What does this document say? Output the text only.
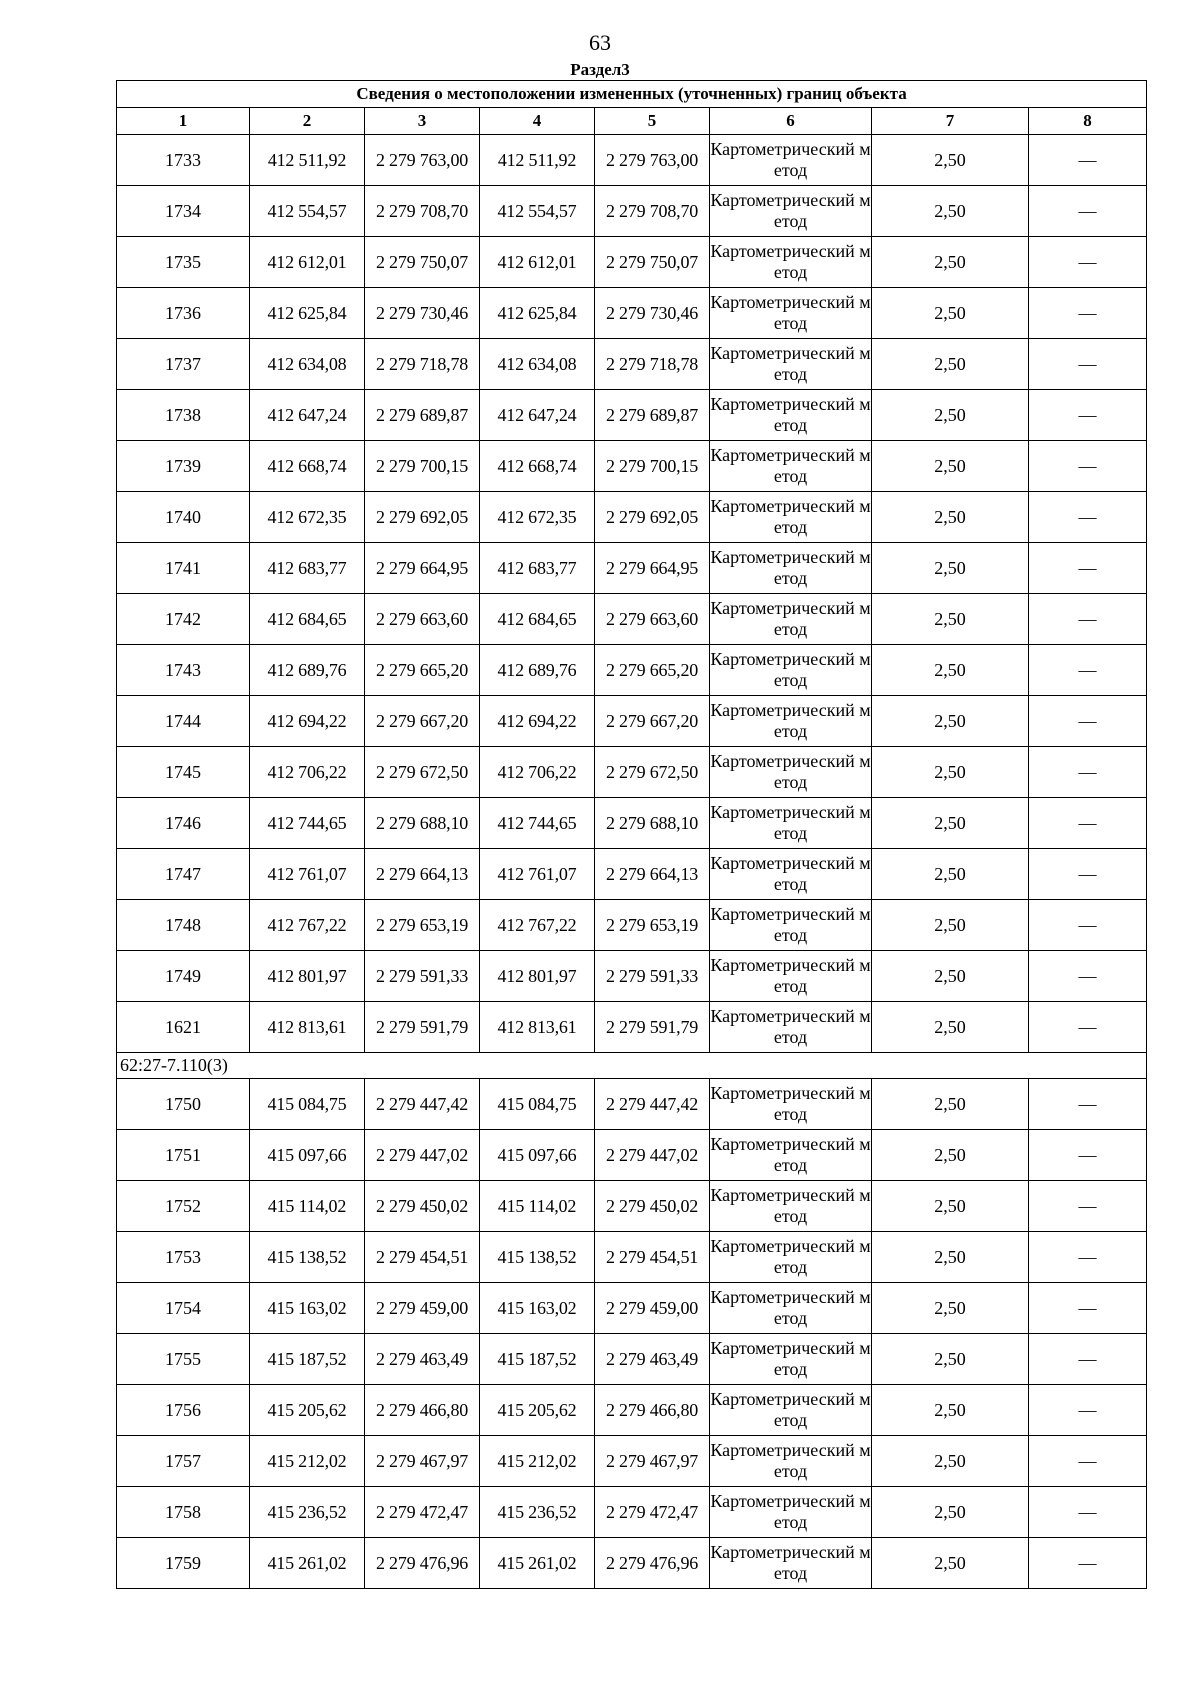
63
Раздел3
Сведения о местоположении измененных (уточненных) границ объекта							
1	2	3	4	5	6	7	8
1733	412 511,92	2 279 763,00	412 511,92	2 279 763,00	Картометрический метод	2,50	—
1734	412 554,57	2 279 708,70	412 554,57	2 279 708,70	Картометрический метод	2,50	—
1735	412 612,01	2 279 750,07	412 612,01	2 279 750,07	Картометрический метод	2,50	—
1736	412 625,84	2 279 730,46	412 625,84	2 279 730,46	Картометрический метод	2,50	—
1737	412 634,08	2 279 718,78	412 634,08	2 279 718,78	Картометрический метод	2,50	—
1738	412 647,24	2 279 689,87	412 647,24	2 279 689,87	Картометрический метод	2,50	—
1739	412 668,74	2 279 700,15	412 668,74	2 279 700,15	Картометрический метод	2,50	—
1740	412 672,35	2 279 692,05	412 672,35	2 279 692,05	Картометрический метод	2,50	—
1741	412 683,77	2 279 664,95	412 683,77	2 279 664,95	Картометрический метод	2,50	—
1742	412 684,65	2 279 663,60	412 684,65	2 279 663,60	Картометрический метод	2,50	—
1743	412 689,76	2 279 665,20	412 689,76	2 279 665,20	Картометрический метод	2,50	—
1744	412 694,22	2 279 667,20	412 694,22	2 279 667,20	Картометрический метод	2,50	—
1745	412 706,22	2 279 672,50	412 706,22	2 279 672,50	Картометрический метод	2,50	—
1746	412 744,65	2 279 688,10	412 744,65	2 279 688,10	Картометрический метод	2,50	—
1747	412 761,07	2 279 664,13	412 761,07	2 279 664,13	Картометрический метод	2,50	—
1748	412 767,22	2 279 653,19	412 767,22	2 279 653,19	Картометрический метод	2,50	—
1749	412 801,97	2 279 591,33	412 801,97	2 279 591,33	Картометрический метод	2,50	—
1621	412 813,61	2 279 591,79	412 813,61	2 279 591,79	Картометрический метод	2,50	—
62:27-7.110(3)							
1750	415 084,75	2 279 447,42	415 084,75	2 279 447,42	Картометрический метод	2,50	—
1751	415 097,66	2 279 447,02	415 097,66	2 279 447,02	Картометрический метод	2,50	—
1752	415 114,02	2 279 450,02	415 114,02	2 279 450,02	Картометрический метод	2,50	—
1753	415 138,52	2 279 454,51	415 138,52	2 279 454,51	Картометрический метод	2,50	—
1754	415 163,02	2 279 459,00	415 163,02	2 279 459,00	Картометрический метод	2,50	—
1755	415 187,52	2 279 463,49	415 187,52	2 279 463,49	Картометрический метод	2,50	—
1756	415 205,62	2 279 466,80	415 205,62	2 279 466,80	Картометрический метод	2,50	—
1757	415 212,02	2 279 467,97	415 212,02	2 279 467,97	Картометрический метод	2,50	—
1758	415 236,52	2 279 472,47	415 236,52	2 279 472,47	Картометрический метод	2,50	—
1759	415 261,02	2 279 476,96	415 261,02	2 279 476,96	Картометрический метод	2,50	—
